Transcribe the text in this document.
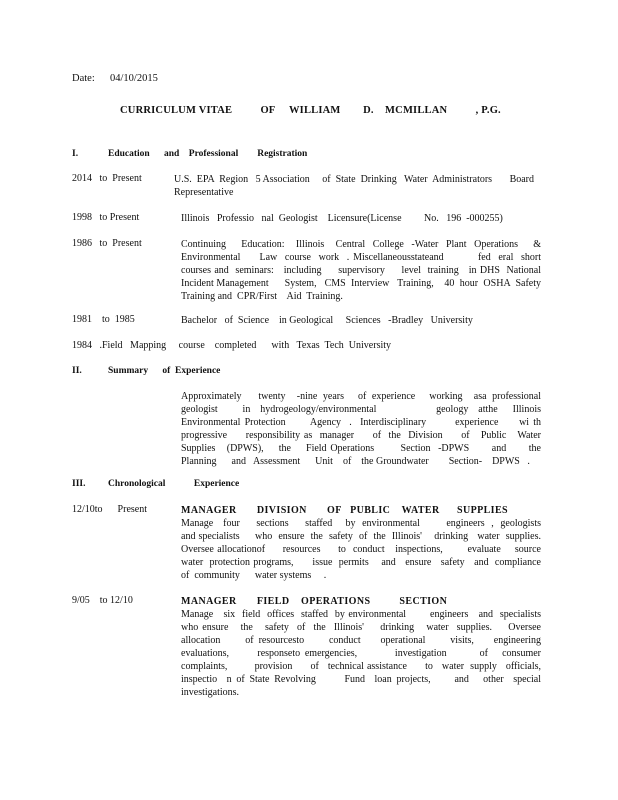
Date: 04/10/2015
CURRICULUM VITAE          OF     WILLIAM        D.    MCMILLAN          , P.G.
I.	Education      and    Professional        Registration
2014   to  Present	U.S.  EPA  Region   5 Association     of  State  Drinking   Water  Administrators       Board Representative
1998   to Present	Illinois   Professio   nal  Geologist    Licensure(License         No.   196  -000255)
1986   to  Present	Continuing    Education:   Illinois   Central  College  -Water  Plant  Operations    & Environmental     Law  course  work  . Miscellaneousstateand         fed  eral  short  courses and  seminars:   including     supervisory     level  training   in DHS  National   Incident Management      System,   CMS  Interview   Training,    40  hour  OSHA  Safety  Training and  CPR/First    Aid  Training.
1981    to  1985	Bachelor   of  Science    in Geological     Sciences   -Bradley   University
1984   .Field   Mapping     course    completed      with   Texas  Tech  University
II.	Summary      of  Experience
Approximately      twenty    -nine  years     of  experience     working    asa  professional geologist     in  hydrogeology/environmental            geology  atthe   Illinois   Environmental Protection      Agency  .  Interdisciplinary       experience     wi th progressive     responsibility as  manager     of  the  Division     of   Public   Water   Supplies   (DPWS),    the    Field Operations       Section  -DPWS      and      the   Planning      and   Assessment      Unit    of    the Groundwater        Section-    DPWS   .
III. Chronological            Experience
12/10to      Present	MANAGER       DIVISION       OF   PUBLIC    WATER      SUPPLIES
Manage   four     sections     staffed    by  environmental        engineers  ,  geologists      and specialists     who  ensure  the  safety  of  the  Illinois'    drinking   water  supplies.     Oversee allocationof     resources     to  conduct   inspections,       evaluate    source   water  protection programs,      issue  permits    and   ensure   safety   and  compliance     of  community      water systems     .
9/05    to 12/10	MANAGER       FIELD    OPERATIONS          SECTION
Manage   six  field  offices  staffed  by environmental       engineers   and  specialists    who ensure   the   safety  of  the  Illinois'    drinking   water  supplies.    Oversee    allocation     of resourcesto     conduct    operational     visits,    engineering     evaluations,      responseto emergencies,        investigation       of   consumer    complaints,         provision      of   technical assistance      to   water  supply   officials,    inspectio  n of State Revolving      Fund  loan projects,     and   other  special   investigations.
